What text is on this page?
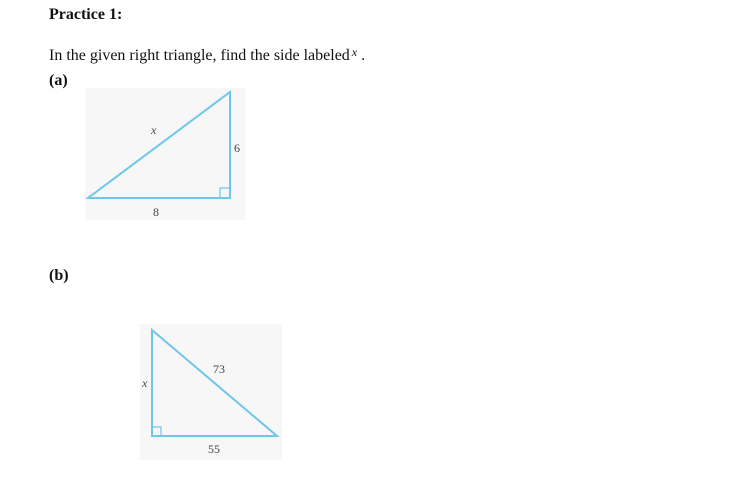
Practice 1:
In the given right triangle, find the side labeled $^x$ .
(a)
x
6
8
(b)
73
x
55
